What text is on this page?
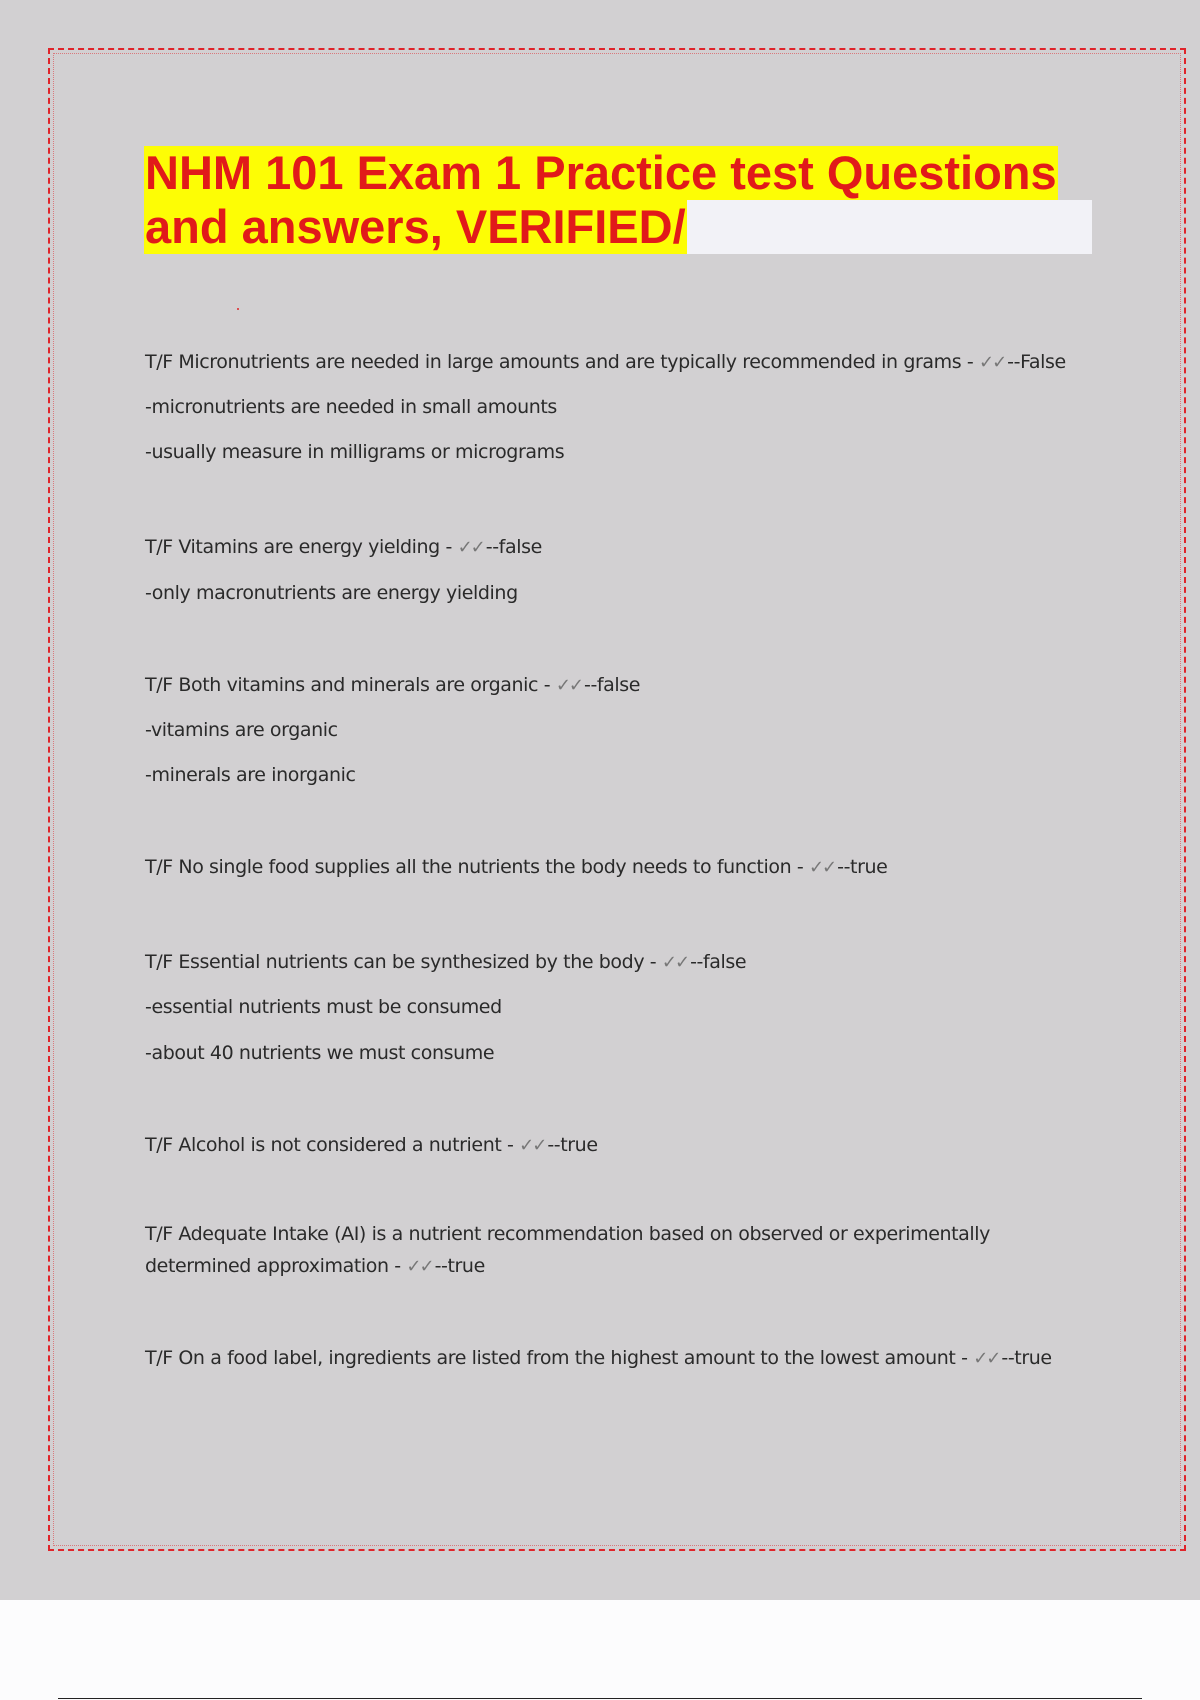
NHM 101 Exam 1 Practice test Questions
and answers, VERIFIED/
T/F Micronutrients are needed in large amounts and are typically recommended in grams - ✓✓ --False
-micronutrients are needed in small amounts
-usually measure in milligrams or micrograms
T/F Vitamins are energy yielding - ✓✓ --false
-only macronutrients are energy yielding
T/F Both vitamins and minerals are organic - ✓✓ --false
-vitamins are organic
-minerals are inorganic
T/F No single food supplies all the nutrients the body needs to function - ✓✓ --true
T/F Essential nutrients can be synthesized by the body - ✓✓ --false
-essential nutrients must be consumed
-about 40 nutrients we must consume
T/F Alcohol is not considered a nutrient - ✓✓ --true
T/F Adequate Intake (AI) is a nutrient recommendation based on observed or experimentally determined approximation - ✓✓ --true
T/F On a food label, ingredients are listed from the highest amount to the lowest amount - ✓✓ --true
